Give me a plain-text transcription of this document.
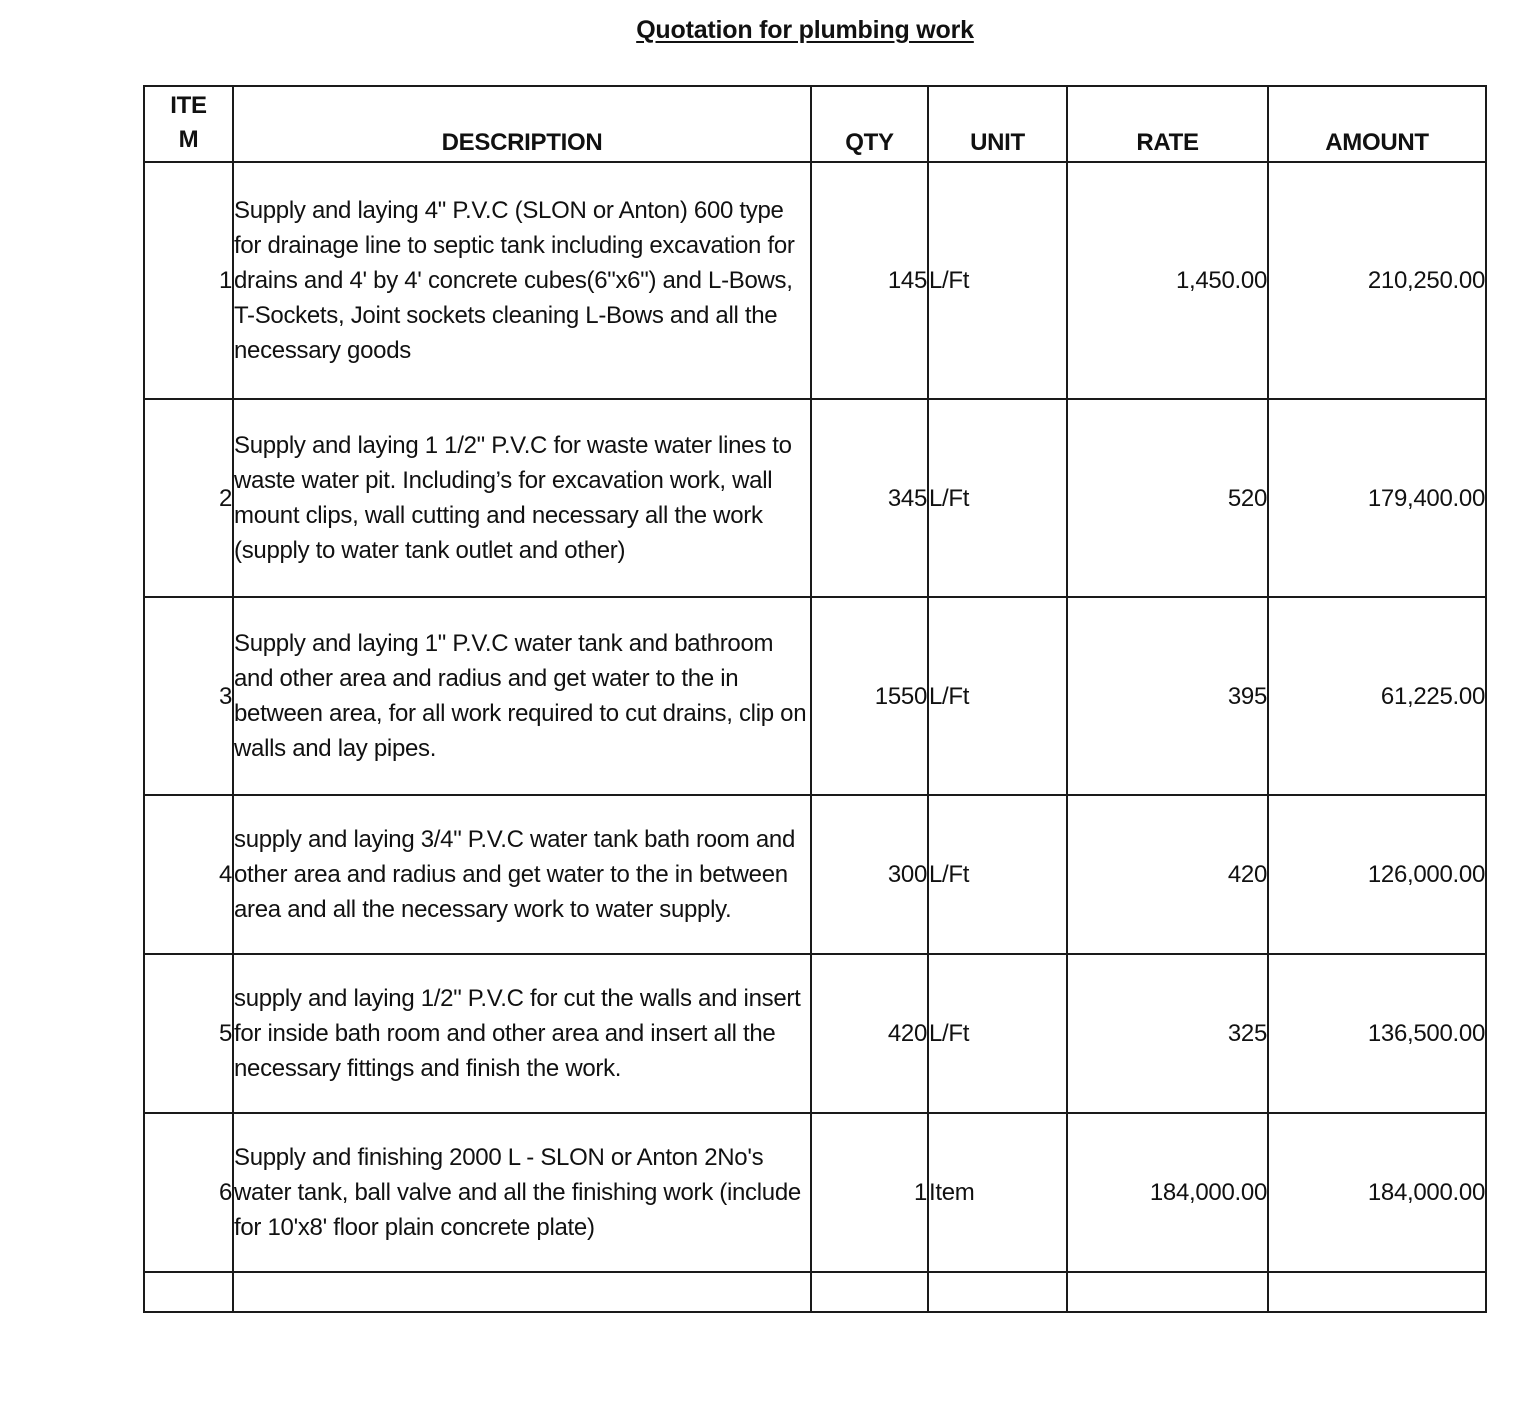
Quotation for plumbing work
ITE
M	DESCRIPTION	QTY	UNIT	RATE	AMOUNT
1	Supply and laying 4" P.V.C (SLON or Anton) 600 type for drainage line to septic tank including excavation for drains and 4' by 4' concrete cubes(6"x6") and L-Bows, T-Sockets, Joint sockets cleaning L-Bows and all the necessary goods	145	L/Ft	1,450.00	210,250.00
2	Supply and laying 1 1/2" P.V.C for waste water lines to waste water pit. Including’s for excavation work, wall mount clips, wall cutting and necessary all the work (supply to water tank outlet and other)	345	L/Ft	520	179,400.00
3	Supply and laying 1" P.V.C water tank and bathroom and other area and radius and get water to the in between area, for all work required to cut drains, clip on walls and lay pipes.	1550	L/Ft	395	61,225.00
4	supply and laying 3/4" P.V.C water tank bath room and other area and radius and get water to the in between area and all the necessary work to water supply.	300	L/Ft	420	126,000.00
5	supply and laying 1/2" P.V.C for cut the walls and insert for inside bath room and other area and insert all the necessary fittings and finish the work.	420	L/Ft	325	136,500.00
6	Supply and finishing 2000 L - SLON or Anton 2No's water tank, ball valve and all the finishing work (include for 10'x8' floor plain concrete plate)	1	Item	184,000.00	184,000.00
